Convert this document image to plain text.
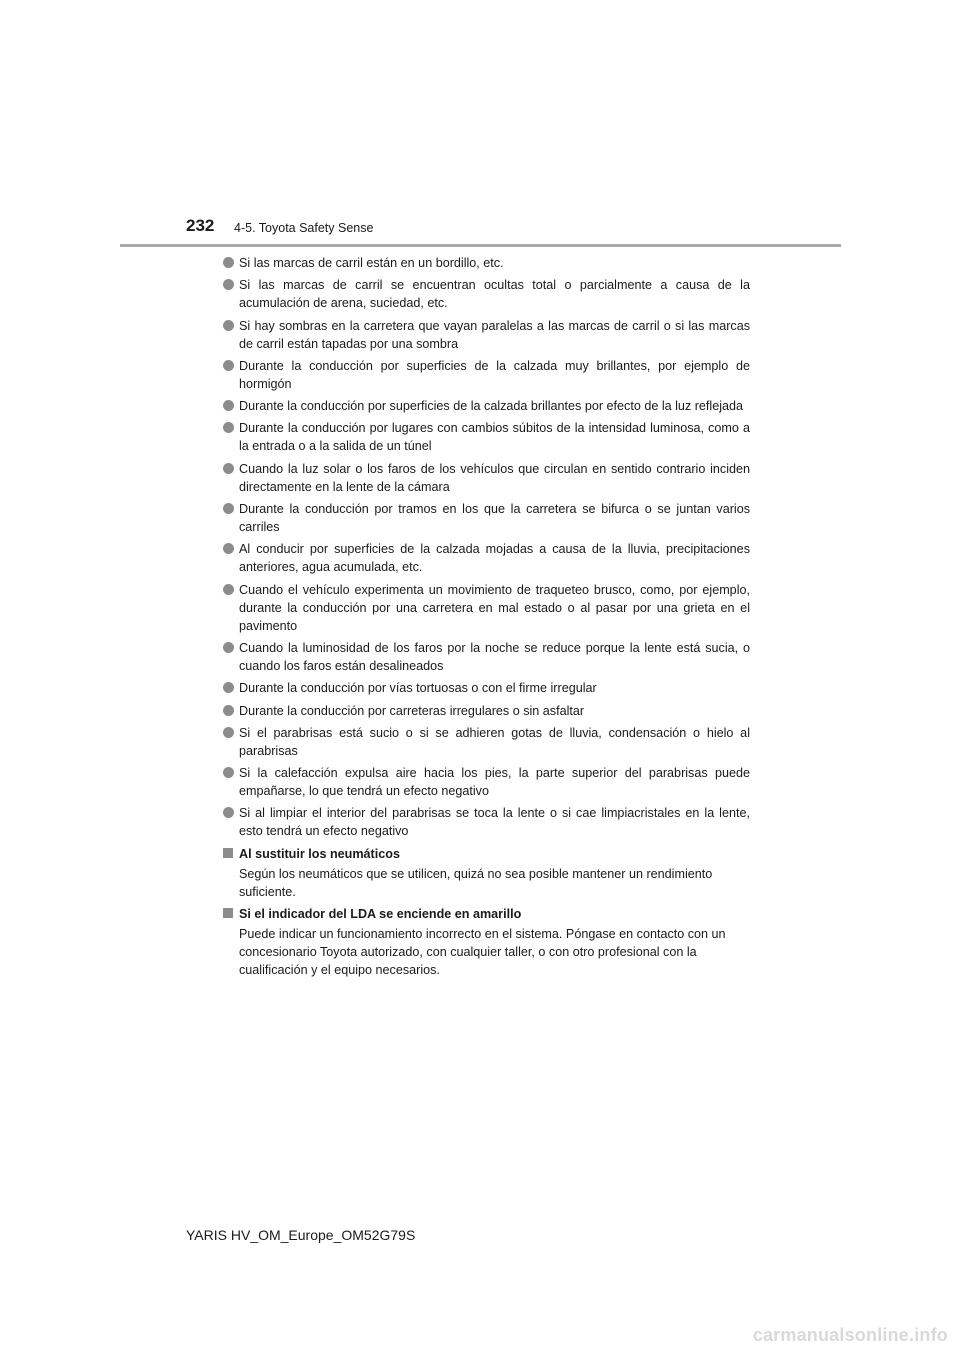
232 4-5. Toyota Safety Sense
Si las marcas de carril están en un bordillo, etc.
Si las marcas de carril se encuentran ocultas total o parcialmente a causa de la acumulación de arena, suciedad, etc.
Si hay sombras en la carretera que vayan paralelas a las marcas de carril o si las marcas de carril están tapadas por una sombra
Durante la conducción por superficies de la calzada muy brillantes, por ejemplo de hormigón
Durante la conducción por superficies de la calzada brillantes por efecto de la luz reflejada
Durante la conducción por lugares con cambios súbitos de la intensidad luminosa, como a la entrada o a la salida de un túnel
Cuando la luz solar o los faros de los vehículos que circulan en sentido contrario inciden directamente en la lente de la cámara
Durante la conducción por tramos en los que la carretera se bifurca o se juntan varios carriles
Al conducir por superficies de la calzada mojadas a causa de la lluvia, precipitaciones anteriores, agua acumulada, etc.
Cuando el vehículo experimenta un movimiento de traqueteo brusco, como, por ejemplo, durante la conducción por una carretera en mal estado o al pasar por una grieta en el pavimento
Cuando la luminosidad de los faros por la noche se reduce porque la lente está sucia, o cuando los faros están desalineados
Durante la conducción por vías tortuosas o con el firme irregular
Durante la conducción por carreteras irregulares o sin asfaltar
Si el parabrisas está sucio o si se adhieren gotas de lluvia, condensación o hielo al parabrisas
Si la calefacción expulsa aire hacia los pies, la parte superior del parabrisas puede empañarse, lo que tendrá un efecto negativo
Si al limpiar el interior del parabrisas se toca la lente o si cae limpiacristales en la lente, esto tendrá un efecto negativo
Al sustituir los neumáticos
Según los neumáticos que se utilicen, quizá no sea posible mantener un rendimiento suficiente.
Si el indicador del LDA se enciende en amarillo
Puede indicar un funcionamiento incorrecto en el sistema. Póngase en contacto con un concesionario Toyota autorizado, con cualquier taller, o con otro profesional con la cualificación y el equipo necesarios.
YARIS HV_OM_Europe_OM52G79S
carmanualsonline.info
